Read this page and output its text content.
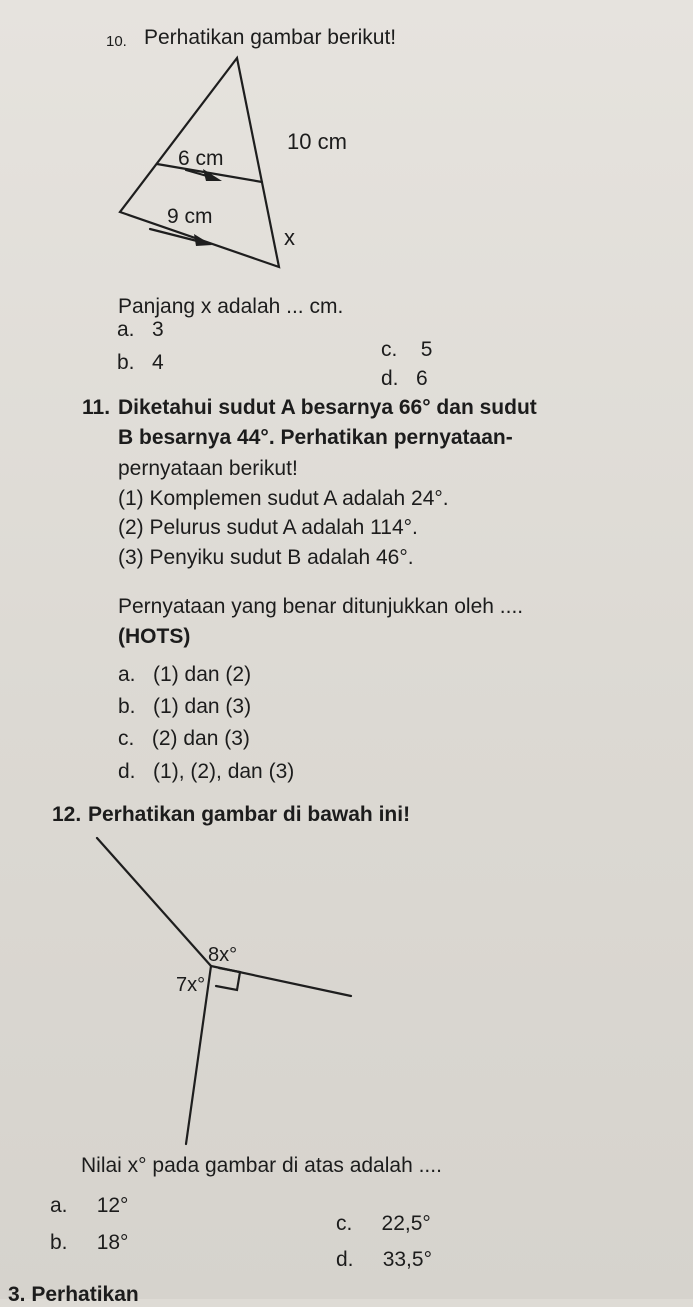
10. Perhatikan gambar berikut!
6 cm
9 cm
10 cm
x
Panjang x adalah ... cm.
a. 3
b. 4
c. 5
d. 6
11. Diketahui sudut A besarnya 66° dan sudut
B besarnya 44°. Perhatikan pernyataan-
pernyataan berikut!
(1) Komplemen sudut A adalah 24°.
(2) Pelurus sudut A adalah 114°.
(3) Penyiku sudut B adalah 46°.
Pernyataan yang benar ditunjukkan oleh ....
(HOTS)
a. (1) dan (2)
b. (1) dan (3)
c. (2) dan (3)
d. (1), (2), dan (3)
12. Perhatikan gambar di bawah ini!
8x°
7x°
Nilai x° pada gambar di atas adalah ....
a. 12°
b. 18°
c. 22,5°
d. 33,5°
3. Perhatikan
